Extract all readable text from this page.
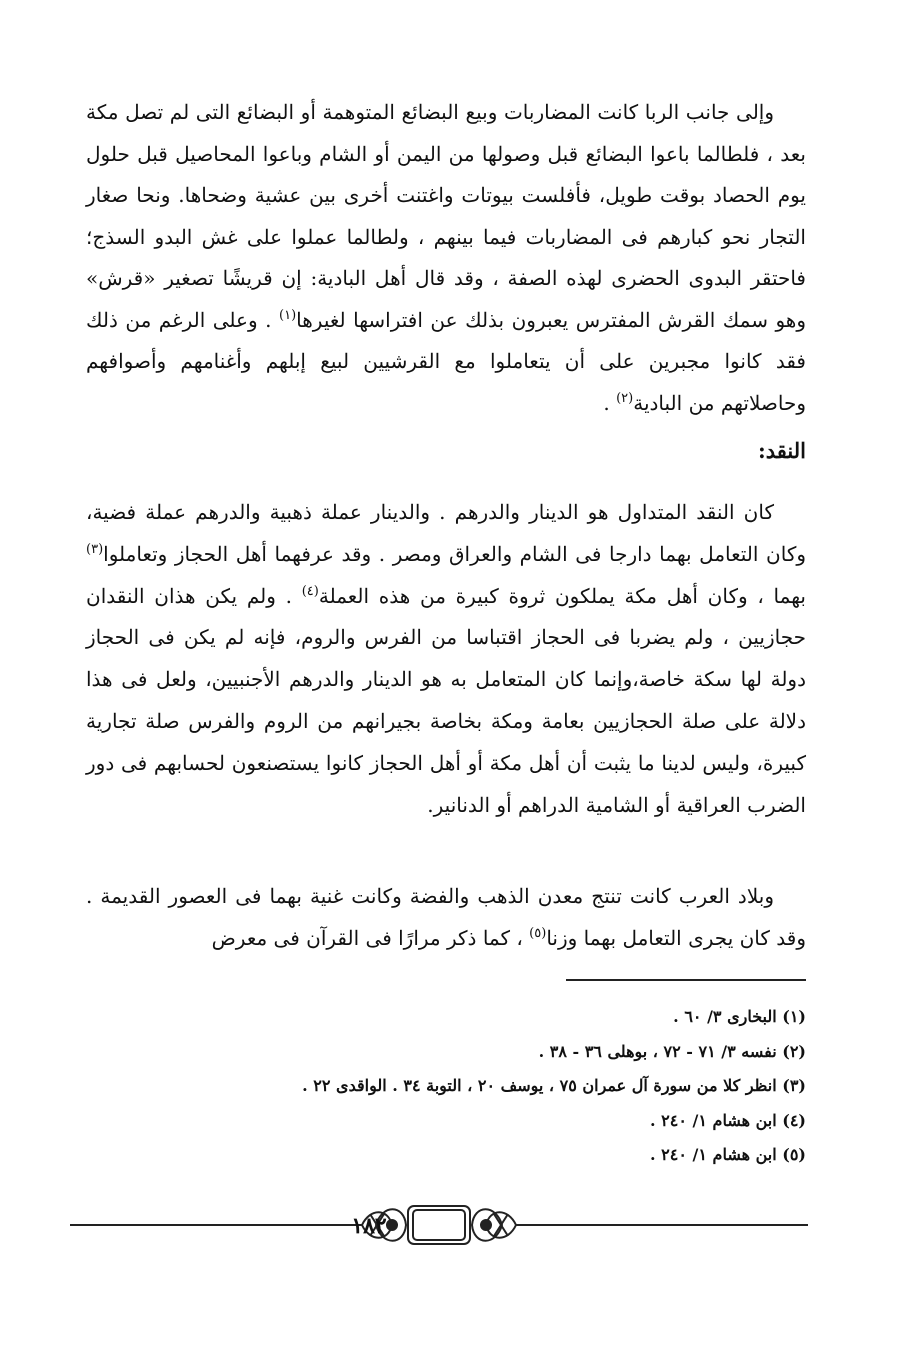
وإلى جانب الربا كانت المضاربات وبيع البضائع المتوهمة أو البضائع التى لم تصل مكة بعد ، فلطالما باعوا البضائع قبل وصولها من اليمن أو الشام وباعوا المحاصيل قبل حلول يوم الحصاد بوقت طويل، فأفلست بيوتات واغتنت أخرى بين عشية وضحاها. ونحا صغار التجار نحو كبارهم فى المضاربات فيما بينهم ، ولطالما عملوا على غش البدو السذج؛ فاحتقر البدوى الحضرى لهذه الصفة ، وقد قال أهل البادية: إن قريشًا تصغير «قرش» وهو سمك القرش المفترس يعبرون بذلك عن افتراسها لغيرها$^{(١)}$ . وعلى الرغم من ذلك فقد كانوا مجبرين على أن يتعاملوا مع القرشيين لبيع إبلهم وأغنامهم وأصوافهم وحاصلاتهم من البادية$^{(٢)}$ .

النقد:

كان النقد المتداول هو الدينار والدرهم . والدينار عملة ذهبية والدرهم عملة فضية، وكان التعامل بهما دارجا فى الشام والعراق ومصر . وقد عرفهما أهل الحجاز وتعاملوا$^{(٣)}$ بهما ، وكان أهل مكة يملكون ثروة كبيرة من هذه العملة$^{(٤)}$ . ولم يكن هذان النقدان حجازيين ، ولم يضربا فى الحجاز اقتباسا من الفرس والروم، فإنه لم يكن فى الحجاز دولة لها سكة خاصة،وإنما كان المتعامل به هو الدينار والدرهم الأجنبيين، ولعل فى هذا دلالة على صلة الحجازيين بعامة ومكة بخاصة بجيرانهم من الروم والفرس صلة تجارية كبيرة، وليس لدينا ما يثبت أن أهل مكة أو أهل الحجاز كانوا يستصنعون لحسابهم فى دور الضرب العراقية أو الشامية الدراهم أو الدنانير.

وبلاد العرب كانت تنتج معدن الذهب والفضة وكانت غنية بهما فى العصور القديمة . وقد كان يجرى التعامل بهما وزنا$^{(٥)}$ ، كما ذكر مرارًا فى القرآن فى معرض

(١) البخارى ٣/ ٦٠ .
(٢) نفسه ٣/ ٧١ - ٧٢ ، بوهلى ٣٦ - ٣٨ .
(٣) انظر كلا من سورة آل عمران ٧٥ ، يوسف ٢٠ ، التوبة ٣٤ . الواقدى ٢٢ .
(٤) ابن هشام ١/ ٢٤٠ .
(٥) ابن هشام ١/ ٢٤٠ .
١٨٢
